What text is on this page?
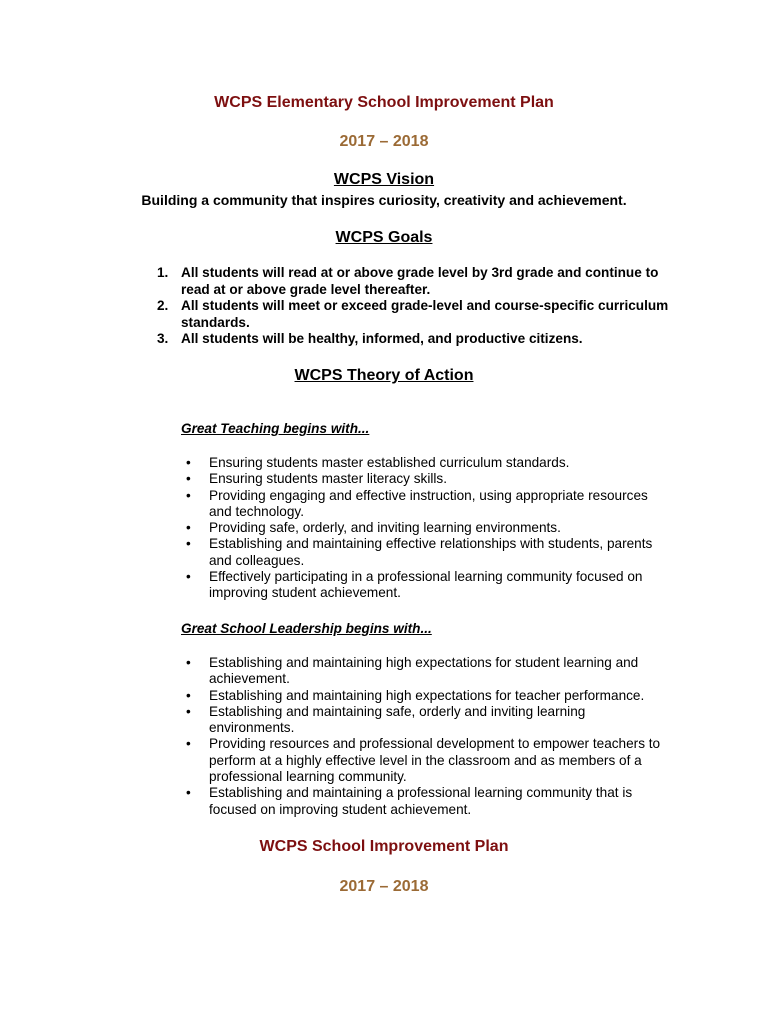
WCPS Elementary School Improvement Plan
2017 – 2018
WCPS Vision

Building a community that inspires curiosity, creativity and achievement.

WCPS Goals
1. All students will read at or above grade level by 3rd grade and continue to read at or above grade level thereafter.
2. All students will meet or exceed grade-level and course-specific curriculum standards.
3. All students will be healthy, informed, and productive citizens.
WCPS Theory of Action
Great Teaching begins with...
• Ensuring students master established curriculum standards.
• Ensuring students master literacy skills.
• Providing engaging and effective instruction, using appropriate resources and technology.
• Providing safe, orderly, and inviting learning environments.
• Establishing and maintaining effective relationships with students, parents and colleagues.
• Effectively participating in a professional learning community focused on improving student achievement.
Great School Leadership begins with...
• Establishing and maintaining high expectations for student learning and achievement.
• Establishing and maintaining high expectations for teacher performance.
• Establishing and maintaining safe, orderly and inviting learning environments.
• Providing resources and professional development to empower teachers to perform at a highly effective level in the classroom and as members of a professional learning community.
• Establishing and maintaining a professional learning community that is focused on improving student achievement.
WCPS School Improvement Plan
2017 – 2018
